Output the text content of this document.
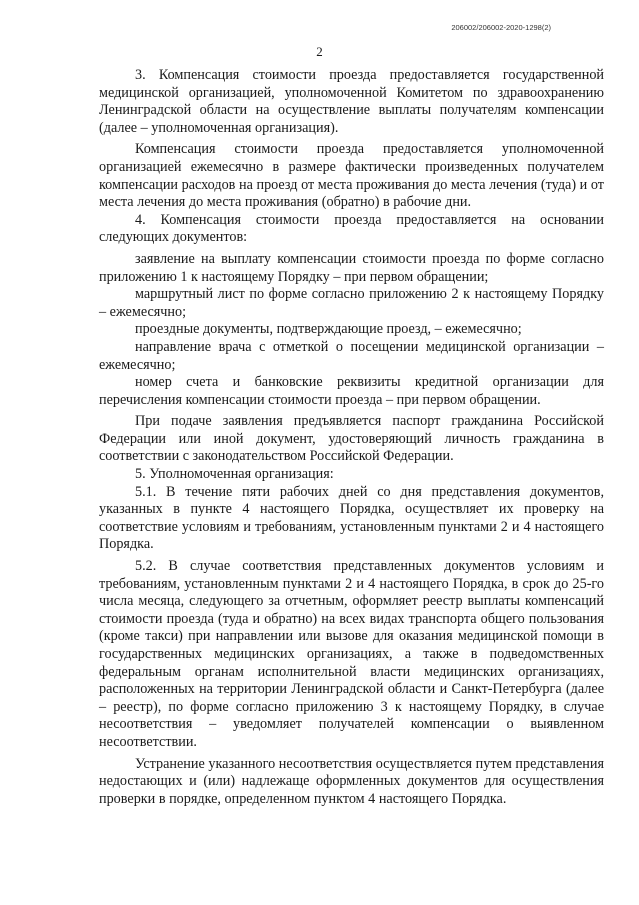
206002/206002-2020-1298(2)
2

3. Компенсация стоимости проезда предоставляется государственной медицинской организацией, уполномоченной Комитетом по здравоохранению Ленинградской области на осуществление выплаты получателям компенсации (далее – уполномоченная организация).

Компенсация стоимости проезда предоставляется уполномоченной организацией ежемесячно в размере фактически произведенных получателем компенсации расходов на проезд от места проживания до места лечения (туда) и от места лечения до места проживания (обратно) в рабочие дни.

4. Компенсация стоимости проезда предоставляется на основании следующих документов:

заявление на выплату компенсации стоимости проезда по форме согласно приложению 1 к настоящему Порядку – при первом обращении;

маршрутный лист по форме согласно приложению 2 к настоящему Порядку – ежемесячно;

проездные документы, подтверждающие проезд, – ежемесячно;

направление врача с отметкой о посещении медицинской организации – ежемесячно;

номер счета и банковские реквизиты кредитной организации для перечисления компенсации стоимости проезда – при первом обращении.

При подаче заявления предъявляется паспорт гражданина Российской Федерации или иной документ, удостоверяющий личность гражданина в соответствии с законодательством Российской Федерации.

5. Уполномоченная организация:

5.1. В течение пяти рабочих дней со дня представления документов, указанных в пункте 4 настоящего Порядка, осуществляет их проверку на соответствие условиям и требованиям, установленным пунктами 2 и 4 настоящего Порядка.

5.2. В случае соответствия представленных документов условиям и требованиям, установленным пунктами 2 и 4 настоящего Порядка, в срок до 25-го числа месяца, следующего за отчетным, оформляет реестр выплаты компенсаций стоимости проезда (туда и обратно) на всех видах транспорта общего пользования (кроме такси) при направлении или вызове для оказания медицинской помощи в государственных медицинских организациях, а также в подведомственных федеральным органам исполнительной власти медицинских организациях, расположенных на территории Ленинградской области и Санкт-Петербурга (далее – реестр), по форме согласно приложению 3 к настоящему Порядку, в случае несоответствия – уведомляет получателей компенсации о выявленном несоответствии.

Устранение указанного несоответствия осуществляется путем представления недостающих и (или) надлежаще оформленных документов для осуществления проверки в порядке, определенном пунктом 4 настоящего Порядка.
